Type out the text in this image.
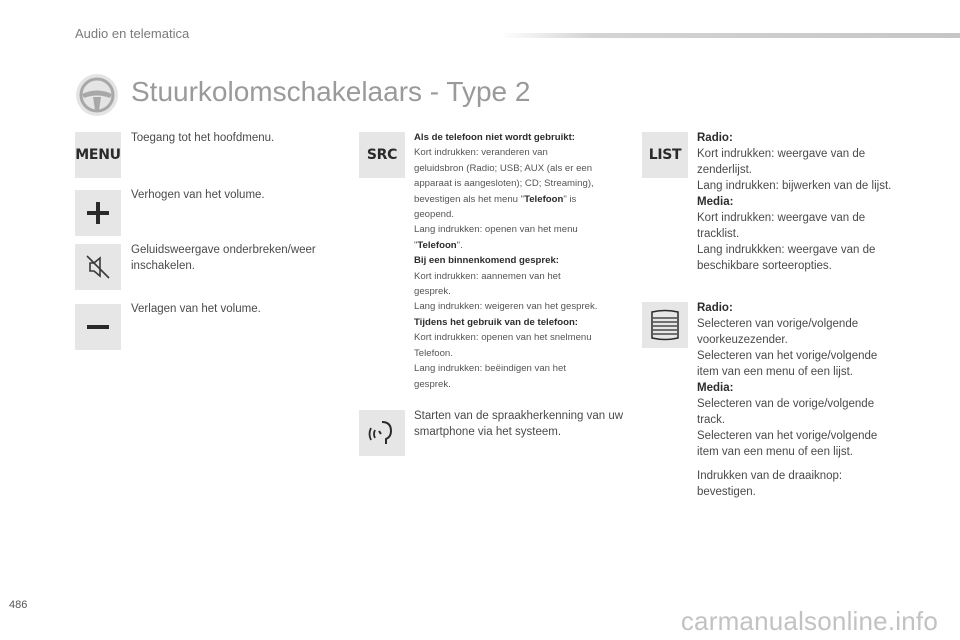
Audio en telematica
Stuurkolomschakelaars - Type 2
MENU

Toegang tot het hoofdmenu.

Verhogen van het volume.

Geluidsweergave onderbreken/weer inschakelen.

Verlagen van het volume.

SRC
Als de telefoon niet wordt gebruikt:
Kort indrukken: veranderen van
geluidsbron (Radio; USB; AUX (als er een
apparaat is aangesloten); CD; Streaming),
bevestigen als het menu "Telefoon" is
geopend.
Lang indrukken: openen van het menu
"Telefoon".
Bij een binnenkomend gesprek:
Kort indrukken: aannemen van het
gesprek.
Lang indrukken: weigeren van het gesprek.
Tijdens het gebruik van de telefoon:
Kort indrukken: openen van het snelmenu
Telefoon.
Lang indrukken: beëindigen van het
gesprek.

Starten van de spraakherkenning van uw smartphone via het systeem.

LIST
Radio:
Kort indrukken: weergave van de
zenderlijst.
Lang indrukken: bijwerken van de lijst.
Media:
Kort indrukken: weergave van de
tracklist.
Lang indrukkken: weergave van de
beschikbare sorteeropties.
Radio:
Selecteren van vorige/volgende
voorkeuzezender.
Selecteren van het vorige/volgende
item van een menu of een lijst.
Media:
Selecteren van de vorige/volgende
track.
Selecteren van het vorige/volgende
item van een menu of een lijst.

Indrukken van de draaiknop: bevestigen.

486
carmanualsonline.info
